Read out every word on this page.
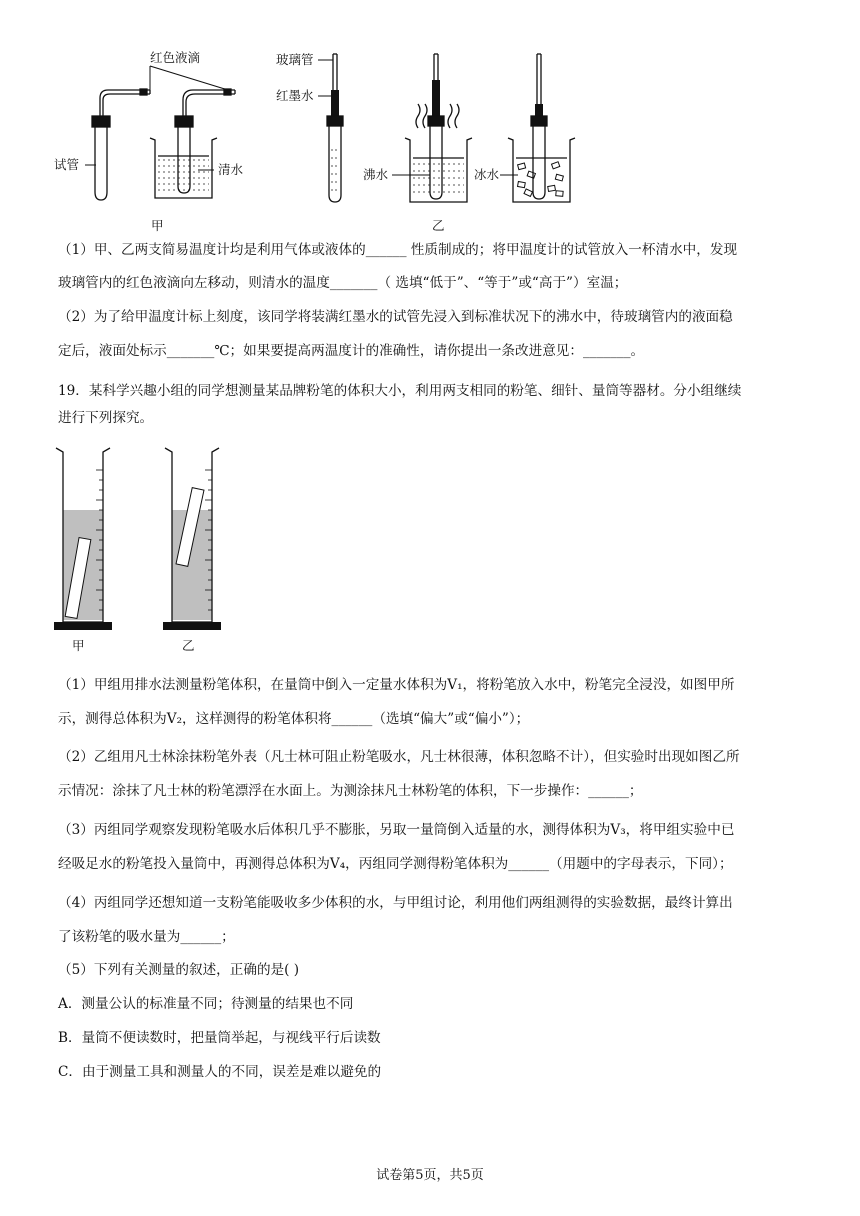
红色液滴
试管	清水
甲
玻璃管
红墨水
沸水	冰水
乙
（1）甲、乙两支简易温度计均是利用气体或液体的______ 性质制成的；将甲温度计的试管放入一杯清水中，发现
玻璃管内的红色液滴向左移动，则清水的温度_______（ 选填“低于”、“等于”或“高于”）室温；
（2）为了给甲温度计标上刻度，该同学将装满红墨水的试管先浸入到标准状况下的沸水中，待玻璃管内的液面稳
定后，液面处标示_______℃；如果要提高两温度计的准确性，请你提出一条改进意见：_______。
19．某科学兴趣小组的同学想测量某品牌粉笔的体积大小，利用两支相同的粉笔、细针、量筒等器材。分小组继续
进行下列探究。
甲	乙
（1）甲组用排水法测量粉笔体积，在量筒中倒入一定量水体积为V₁，将粉笔放入水中，粉笔完全浸没，如图甲所
示，测得总体积为V₂，这样测得的粉笔体积将______（选填“偏大”或“偏小”）；
（2）乙组用凡士林涂抹粉笔外表（凡士林可阻止粉笔吸水，凡士林很薄，体积忽略不计），但实验时出现如图乙所
示情况：涂抹了凡士林的粉笔漂浮在水面上。为测涂抹凡士林粉笔的体积，下一步操作：______；
（3）丙组同学观察发现粉笔吸水后体积几乎不膨胀，另取一量筒倒入适量的水，测得体积为V₃，将甲组实验中已
经吸足水的粉笔投入量筒中，再测得总体积为V₄，丙组同学测得粉笔体积为______（用题中的字母表示，下同）；
（4）丙组同学还想知道一支粉笔能吸收多少体积的水，与甲组讨论，利用他们两组测得的实验数据，最终计算出
了该粉笔的吸水量为______；
（5）下列有关测量的叙述，正确的是( )
A．测量公认的标准量不同；待测量的结果也不同
B．量筒不便读数时，把量筒举起，与视线平行后读数
C．由于测量工具和测量人的不同，误差是难以避免的
试卷第5页，共5页
